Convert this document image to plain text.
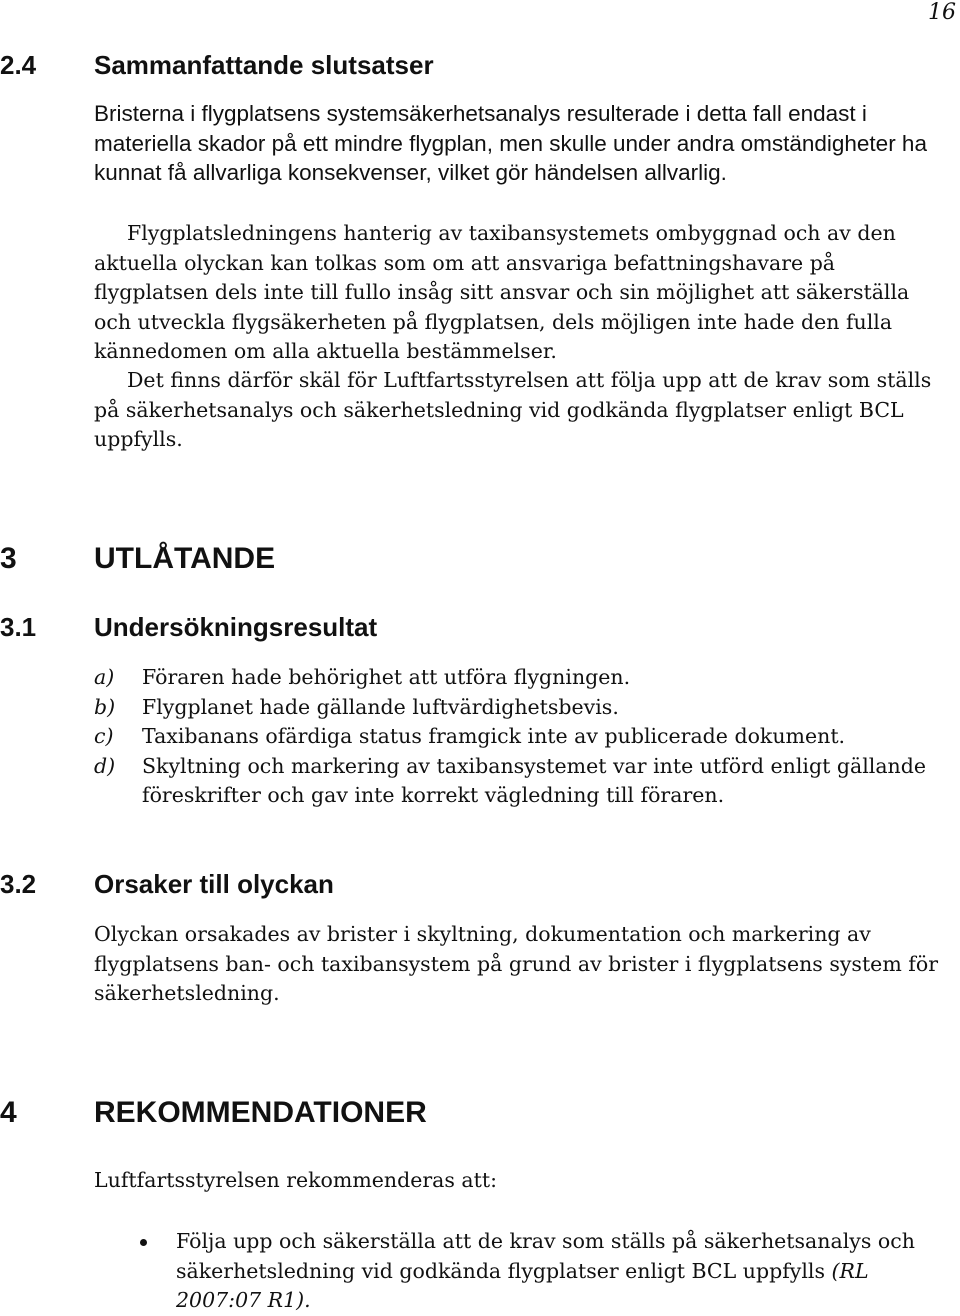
16
2.4 Sammanfattande slutsatser

Bristerna i flygplatsens systemsäkerhetsanalys resulterade i detta fall endast i materiella skador på ett mindre flygplan, men skulle under andra omständigheter ha kunnat få allvarliga konsekvenser, vilket gör händelsen allvarlig.

Flygplatsledningens hanterig av taxibansystemets ombyggnad och av den aktuella olyckan kan tolkas som om att ansvariga befattningshavare på flygplatsen dels inte till fullo insåg sitt ansvar och sin möjlighet att säkerställa och utveckla flygsäkerheten på flygplatsen, dels möjligen inte hade den fulla kännedomen om alla aktuella bestämmelser.

Det finns därför skäl för Luftfartsstyrelsen att följa upp att de krav som ställs på säkerhetsanalys och säkerhetsledning vid godkända flygplatser enligt BCL uppfylls.

3	UTLÅTANDE
3.1 Undersökningsresultat
a) Föraren hade behörighet att utföra flygningen.
b) Flygplanet hade gällande luftvärdighetsbevis.
c) Taxibanans ofärdiga status framgick inte av publicerade dokument.
d) Skyltning och markering av taxibansystemet var inte utförd enligt gällande föreskrifter och gav inte korrekt vägledning till föraren.
3.2 Orsaker till olyckan

Olyckan orsakades av brister i skyltning, dokumentation och markering av flygplatsens ban- och taxibansystem på grund av brister i flygplatsens system för säkerhetsledning.

4	REKOMMENDATIONER

Luftfartsstyrelsen rekommenderas att:

Följa upp och säkerställa att de krav som ställs på säkerhetsanalys och säkerhetsledning vid godkända flygplatser enligt BCL uppfylls (RL 2007:07 R1).
